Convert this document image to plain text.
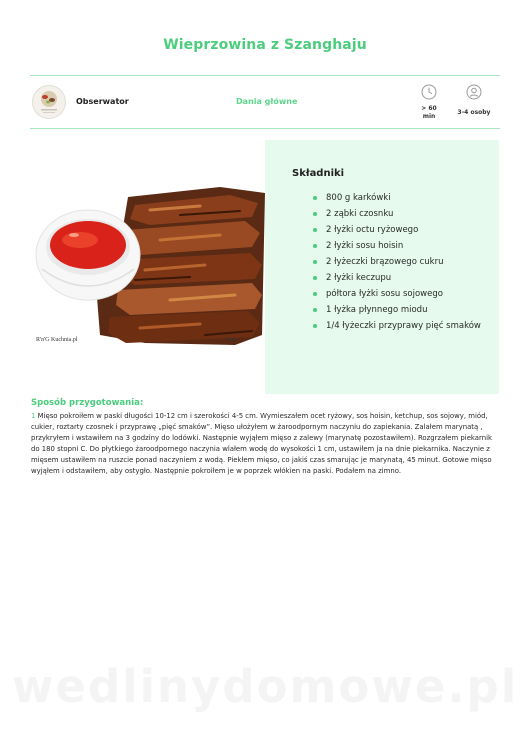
Wieprzowina z Szanghaju
Obserwator	Dania główne
> 60 min
3-4 osoby
R'n'G Kuchnia.pl	Rop
Składniki
800 g karkówki
2 ząbki czosnku
2 łyżki octu ryżowego
2 łyżki sosu hoisin
2 łyżeczki brązowego cukru
2 łyżki keczupu
półtora łyżki sosu sojowego
1 łyżka płynnego miodu
1/4 łyżeczki przyprawy pięć smaków
Sposób przygotowania:

1 Mięso pokroiłem w paski długości 10-12 cm i szerokości 4-5 cm. Wymieszałem ocet ryżowy, sos hoisin, ketchup, sos sojowy, miód, cukier, roztarty czosnek i przyprawę „pięć smaków”. Mięso ułożyłem w żaroodpornym naczyniu do zapiekania. Zalałem marynatą , przykryłem i wstawiłem na 3 godziny do lodówki. Następnie wyjąłem mięso z zalewy (marynatę pozostawiłem). Rozgrzałem piekarnik do 180 stopni C. Do płytkiego żaroodpornego naczynia wlałem wodę do wysokości 1 cm, ustawiłem ja na dnie piekarnika. Naczynie z mięsem ustawiłem na ruszcie ponad naczyniem z wodą. Piekłem mięso, co jakiś czas smarując je marynatą, 45 minut. Gotowe mięso wyjąłem i odstawiłem, aby ostygło. Następnie pokroiłem je w poprzek włókien na paski. Podałem na zimno.

wedlinydomowe.pl
